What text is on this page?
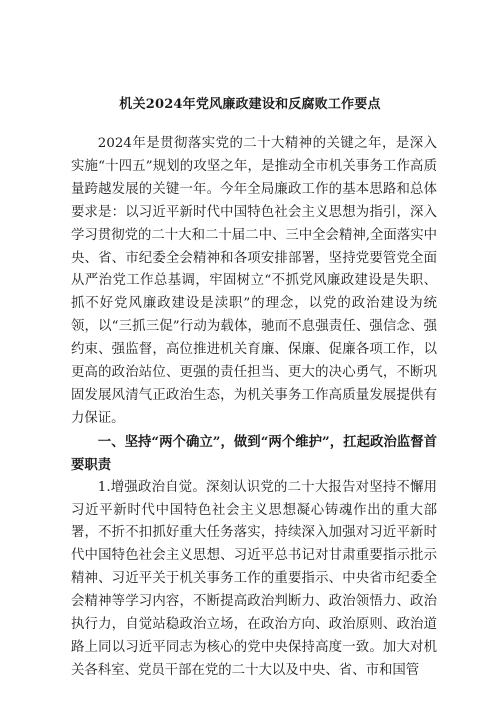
机关2024年党风廉政建设和反腐败工作要点

2024年是贯彻落实党的二十大精神的关键之年，是深入实施“十四五”规划的攻坚之年，是推动全市机关事务工作高质量跨越发展的关键一年。今年全局廉政工作的基本思路和总体要求是：以习近平新时代中国特色社会主义思想为指引，深入学习贯彻党的二十大和二十届二中、三中全会精神,全面落实中央、省、市纪委全会精神和各项安排部署，坚持党要管党全面从严治党工作总基调，牢固树立“不抓党风廉政建设是失职、抓不好党风廉政建设是渎职”的理念，以党的政治建设为统领，以“三抓三促”行动为载体，驰而不息强责任、强信念、强约束、强监督，高位推进机关育廉、保廉、促廉各项工作，以更高的政治站位、更强的责任担当、更大的决心勇气，不断巩固发展风清气正政治生态，为机关事务工作高质量发展提供有力保证。

一、坚持“两个确立”，做到“两个维护”，扛起政治监督首要职责

1.增强政治自觉。深刻认识党的二十大报告对坚持不懈用习近平新时代中国特色社会主义思想凝心铸魂作出的重大部署，不折不扣抓好重大任务落实，持续深入加强对习近平新时代中国特色社会主义思想、习近平总书记对甘肃重要指示批示精神、习近平关于机关事务工作的重要指示、中央省市纪委全会精神等学习内容，不断提高政治判断力、政治领悟力、政治执行力，自觉站稳政治立场，在政治方向、政治原则、政治道路上同以习近平同志为核心的党中央保持高度一致。加大对机关各科室、党员干部在党的二十大以及中央、省、市和国管
